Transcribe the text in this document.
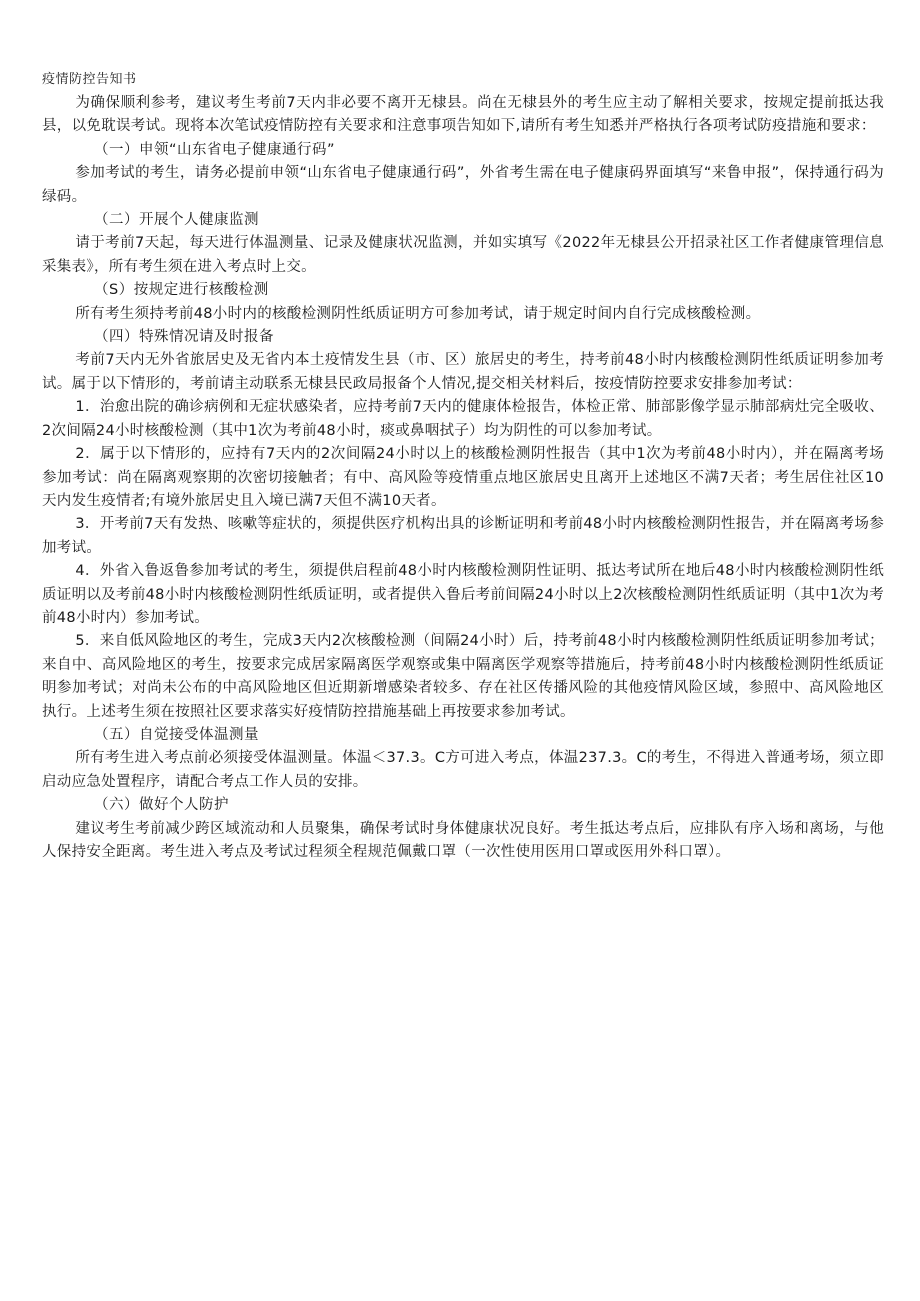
疫情防控告知书

为确保顺利参考，建议考生考前7天内非必要不离开无棣县。尚在无棣县外的考生应主动了解相关要求，按规定提前抵达我县，以免耽误考试。现将本次笔试疫情防控有关要求和注意事项告知如下,请所有考生知悉并严格执行各项考试防疫措施和要求：

（一）申领“山东省电子健康通行码”

参加考试的考生，请务必提前申领“山东省电子健康通行码”，外省考生需在电子健康码界面填写“来鲁申报”，保持通行码为绿码。

（二）开展个人健康监测

请于考前7天起，每天进行体温测量、记录及健康状况监测，并如实填写《2022年无棣县公开招录社区工作者健康管理信息采集表》，所有考生须在进入考点时上交。

（S）按规定进行核酸检测

所有考生须持考前48小时内的核酸检测阴性纸质证明方可参加考试，请于规定时间内自行完成核酸检测。

（四）特殊情况请及时报备

考前7天内无外省旅居史及无省内本土疫情发生县（市、区）旅居史的考生，持考前48小时内核酸检测阴性纸质证明参加考试。属于以下情形的，考前请主动联系无棣县民政局报备个人情况,提交相关材料后，按疫情防控要求安排参加考试：

1．治愈出院的确诊病例和无症状感染者，应持考前7天内的健康体检报告，体检正常、肺部影像学显示肺部病灶完全吸收、2次间隔24小时核酸检测（其中1次为考前48小时，痰或鼻咽拭子）均为阴性的可以参加考试。

2．属于以下情形的，应持有7天内的2次间隔24小时以上的核酸检测阴性报告（其中1次为考前48小时内），并在隔离考场参加考试：尚在隔离观察期的次密切接触者；有中、高风险等疫情重点地区旅居史且离开上述地区不满7天者；考生居住社区10天内发生疫情者;有境外旅居史且入境已满7天但不满10天者。

3．开考前7天有发热、咳嗽等症状的，须提供医疗机构出具的诊断证明和考前48小时内核酸检测阴性报告，并在隔离考场参加考试。

4．外省入鲁返鲁参加考试的考生，须提供启程前48小时内核酸检测阴性证明、抵达考试所在地后48小时内核酸检测阴性纸质证明以及考前48小时内核酸检测阴性纸质证明，或者提供入鲁后考前间隔24小时以上2次核酸检测阴性纸质证明（其中1次为考前48小时内）参加考试。

5．来自低风险地区的考生，完成3天内2次核酸检测（间隔24小时）后，持考前48小时内核酸检测阴性纸质证明参加考试；来自中、高风险地区的考生，按要求完成居家隔离医学观察或集中隔离医学观察等措施后，持考前48小时内核酸检测阴性纸质证明参加考试；对尚未公布的中高风险地区但近期新增感染者较多、存在社区传播风险的其他疫情风险区域，参照中、高风险地区执行。上述考生须在按照社区要求落实好疫情防控措施基础上再按要求参加考试。

（五）自觉接受体温测量

所有考生进入考点前必须接受体温测量。体温＜37.3。C方可进入考点，体温237.3。C的考生，不得进入普通考场，须立即启动应急处置程序，请配合考点工作人员的安排。

（六）做好个人防护

建议考生考前减少跨区域流动和人员聚集，确保考试时身体健康状况良好。考生抵达考点后，应排队有序入场和离场，与他人保持安全距离。考生进入考点及考试过程须全程规范佩戴口罩（一次性使用医用口罩或医用外科口罩）。
